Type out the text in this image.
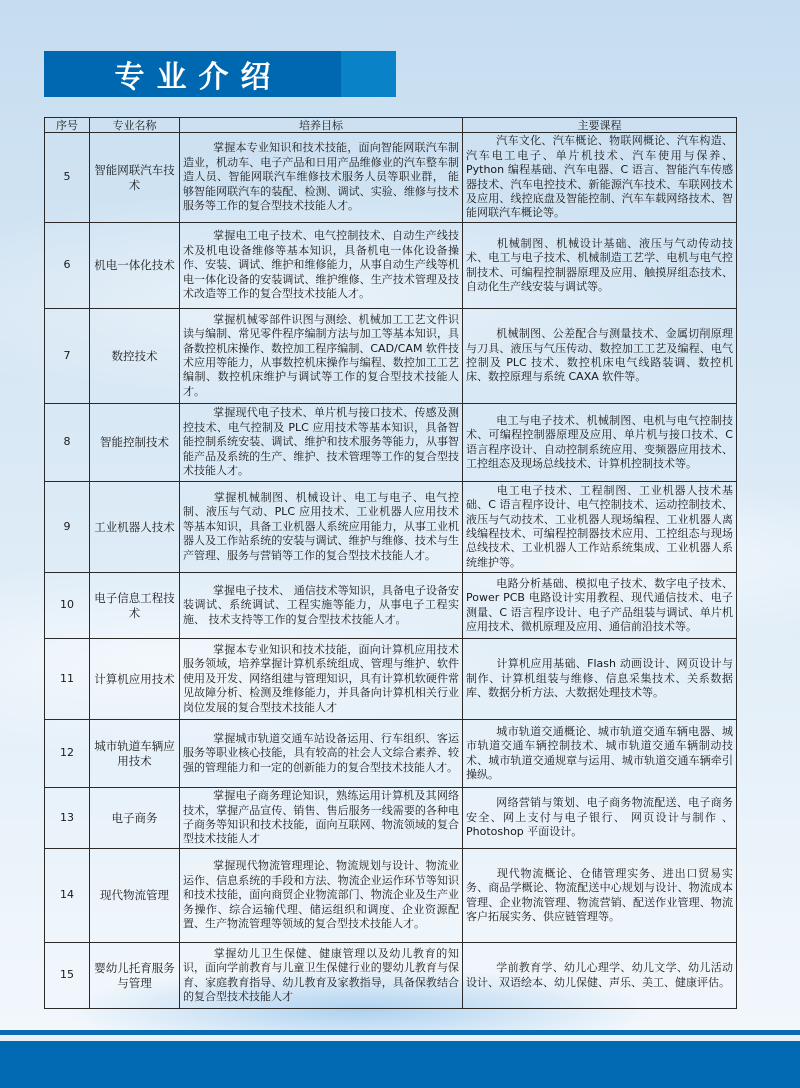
专业介绍
序号	专业名称	培养目标	主要课程
5	智能网联汽车技术	掌握本专业知识和技术技能，面向智能网联汽车制造业，机动车、电子产品和日用产品维修业的汽车整车制造人员、智能网联汽车维修技术服务人员等职业群， 能够智能网联汽车的装配、检测、调试、实验、维修与技术服务等工作的复合型技术技能人才。	汽车文化、汽车概论、物联网概论、汽车构造、汽车电工电子、单片机技术、汽车使用与保养、Python 编程基础、汽车电器、C 语言、智能汽车传感器技术、汽车电控技术、新能源汽车技术、车联网技术及应用、线控底盘及智能控制、汽车车载网络技术、智能网联汽车概论等。
6	机电一体化技术	掌握电工电子技术、电气控制技术、自动生产线技术及机电设备维修等基本知识，具备机电一体化设备操作、安装、调试、维护和维修能力，从事自动生产线等机电一体化设备的安装调试、维护维修、生产技术管理及技术改造等工作的复合型技术技能人才。	机械制图、机械设计基础、液压与气动传动技术、电工与电子技术、机械制造工艺学、电机与电气控制技术、可编程控制器原理及应用、触摸屏组态技术、自动化生产线安装与调试等。
7	数控技术	掌握机械零部件识图与测绘、机械加工工艺文件识读与编制、常见零件程序编制方法与加工等基本知识，具备数控机床操作、数控加工程序编制、CAD/CAM 软件技术应用等能力，从事数控机床操作与编程、数控加工工艺编制、数控机床维护与调试等工作的复合型技术技能人才。	机械制图、公差配合与测量技术、金属切削原理与刀具、液压与气压传动、数控加工工艺及编程、电气控制及 PLC 技术、数控机床电气线路装调、数控机床、数控原理与系统 CAXA 软件等。
8	智能控制技术	掌握现代电子技术、单片机与接口技术、传感及测控技术、电气控制及 PLC 应用技术等基本知识，具备智能控制系统安装、调试、维护和技术服务等能力，从事智能产品及系统的生产、维护、技术管理等工作的复合型技术技能人才。	电工与电子技术、机械制图、电机与电气控制技术、可编程控制器原理及应用、单片机与接口技术、C 语言程序设计、自动控制系统应用、变频器应用技术、工控组态及现场总线技术、计算机控制技术等。
9	工业机器人技术	掌握机械制图、机械设计、电工与电子、电气控制、液压与气动、PLC 应用技术、工业机器人应用技术等基本知识，具备工业机器人系统应用能力，从事工业机器人及工作站系统的安装与调试、维护与维修、技术与生产管理、服务与营销等工作的复合型技术技能人才。	电工电子技术、工程制图、工业机器人技术基础、C 语言程序设计、电气控制技术、运动控制技术、液压与气动技术、工业机器人现场编程、工业机器人离线编程技术、可编程控制器技术应用、工控组态与现场总线技术、工业机器人工作站系统集成、工业机器人系统维护等。
10	电子信息工程技术	掌握电子技术、 通信技术等知识，具备电子设备安装调试、系统调试、工程实施等能力，从事电子工程实施、 技术支持等工作的复合型技术技能人才。	电路分析基础、模拟电子技术、数字电子技术、Power PCB 电路设计实用教程、现代通信技术、电子测量、C 语言程序设计、电子产品组装与调试、单片机应用技术、微机原理及应用、通信前沿技术等。
11	计算机应用技术	掌握本专业知识和技术技能，面向计算机应用技术服务领域，培养掌握计算机系统组成、管理与维护、软件使用及开发、网络组建与管理知识，具有计算机软硬件常见故障分析、检测及维修能力，并具备向计算机相关行业岗位发展的复合型技术技能人才	计算机应用基础、Flash 动画设计、网页设计与制作、计算机组装与维修、信息采集技术、关系数据库、数据分析方法、大数据处理技术等。
12	城市轨道车辆应用技术	掌握城市轨道交通车站设备运用、行车组织、客运服务等职业核心技能，具有较高的社会人文综合素养、较强的管理能力和一定的创新能力的复合型技术技能人才。	城市轨道交通概论、城市轨道交通车辆电器、城市轨道交通车辆控制技术、城市轨道交通车辆制动技术、城市轨道交通规章与运用、城市轨道交通车辆牵引操纵。
13	电子商务	掌握电子商务理论知识，熟练运用计算机及其网络技术，掌握产品宣传、销售、售后服务一线需要的各种电子商务等知识和技术技能，面向互联网、物流领域的复合型技术技能人才	网络营销与策划、电子商务物流配送、电子商务安全、网上支付与电子银行、 网页设计与制作 、Photoshop 平面设计。
14	现代物流管理	掌握现代物流管理理论、物流规划与设计、物流业运作、信息系统的手段和方法、物流企业运作环节等知识和技术技能，面向商贸企业物流部门、物流企业及生产业务操作、综合运输代理、储运组织和调度、企业资源配置、生产物流管理等领域的复合型技术技能人才。	现代物流概论、仓储管理实务、进出口贸易实务、商品学概论、物流配送中心规划与设计、物流成本管理、企业物流管理、物流营销、配送作业管理、物流客户拓展实务、供应链管理等。
15	婴幼儿托育服务与管理	掌握幼儿卫生保健、健康管理以及幼儿教育的知识，面向学前教育与儿童卫生保健行业的婴幼儿教育与保育、家庭教育指导、幼儿教育及家教指导，具备保教结合的复合型技术技能人才	学前教育学、幼儿心理学、幼儿文学、幼儿活动设计、双语绘本、幼儿保健、声乐、美工、健康评估。
